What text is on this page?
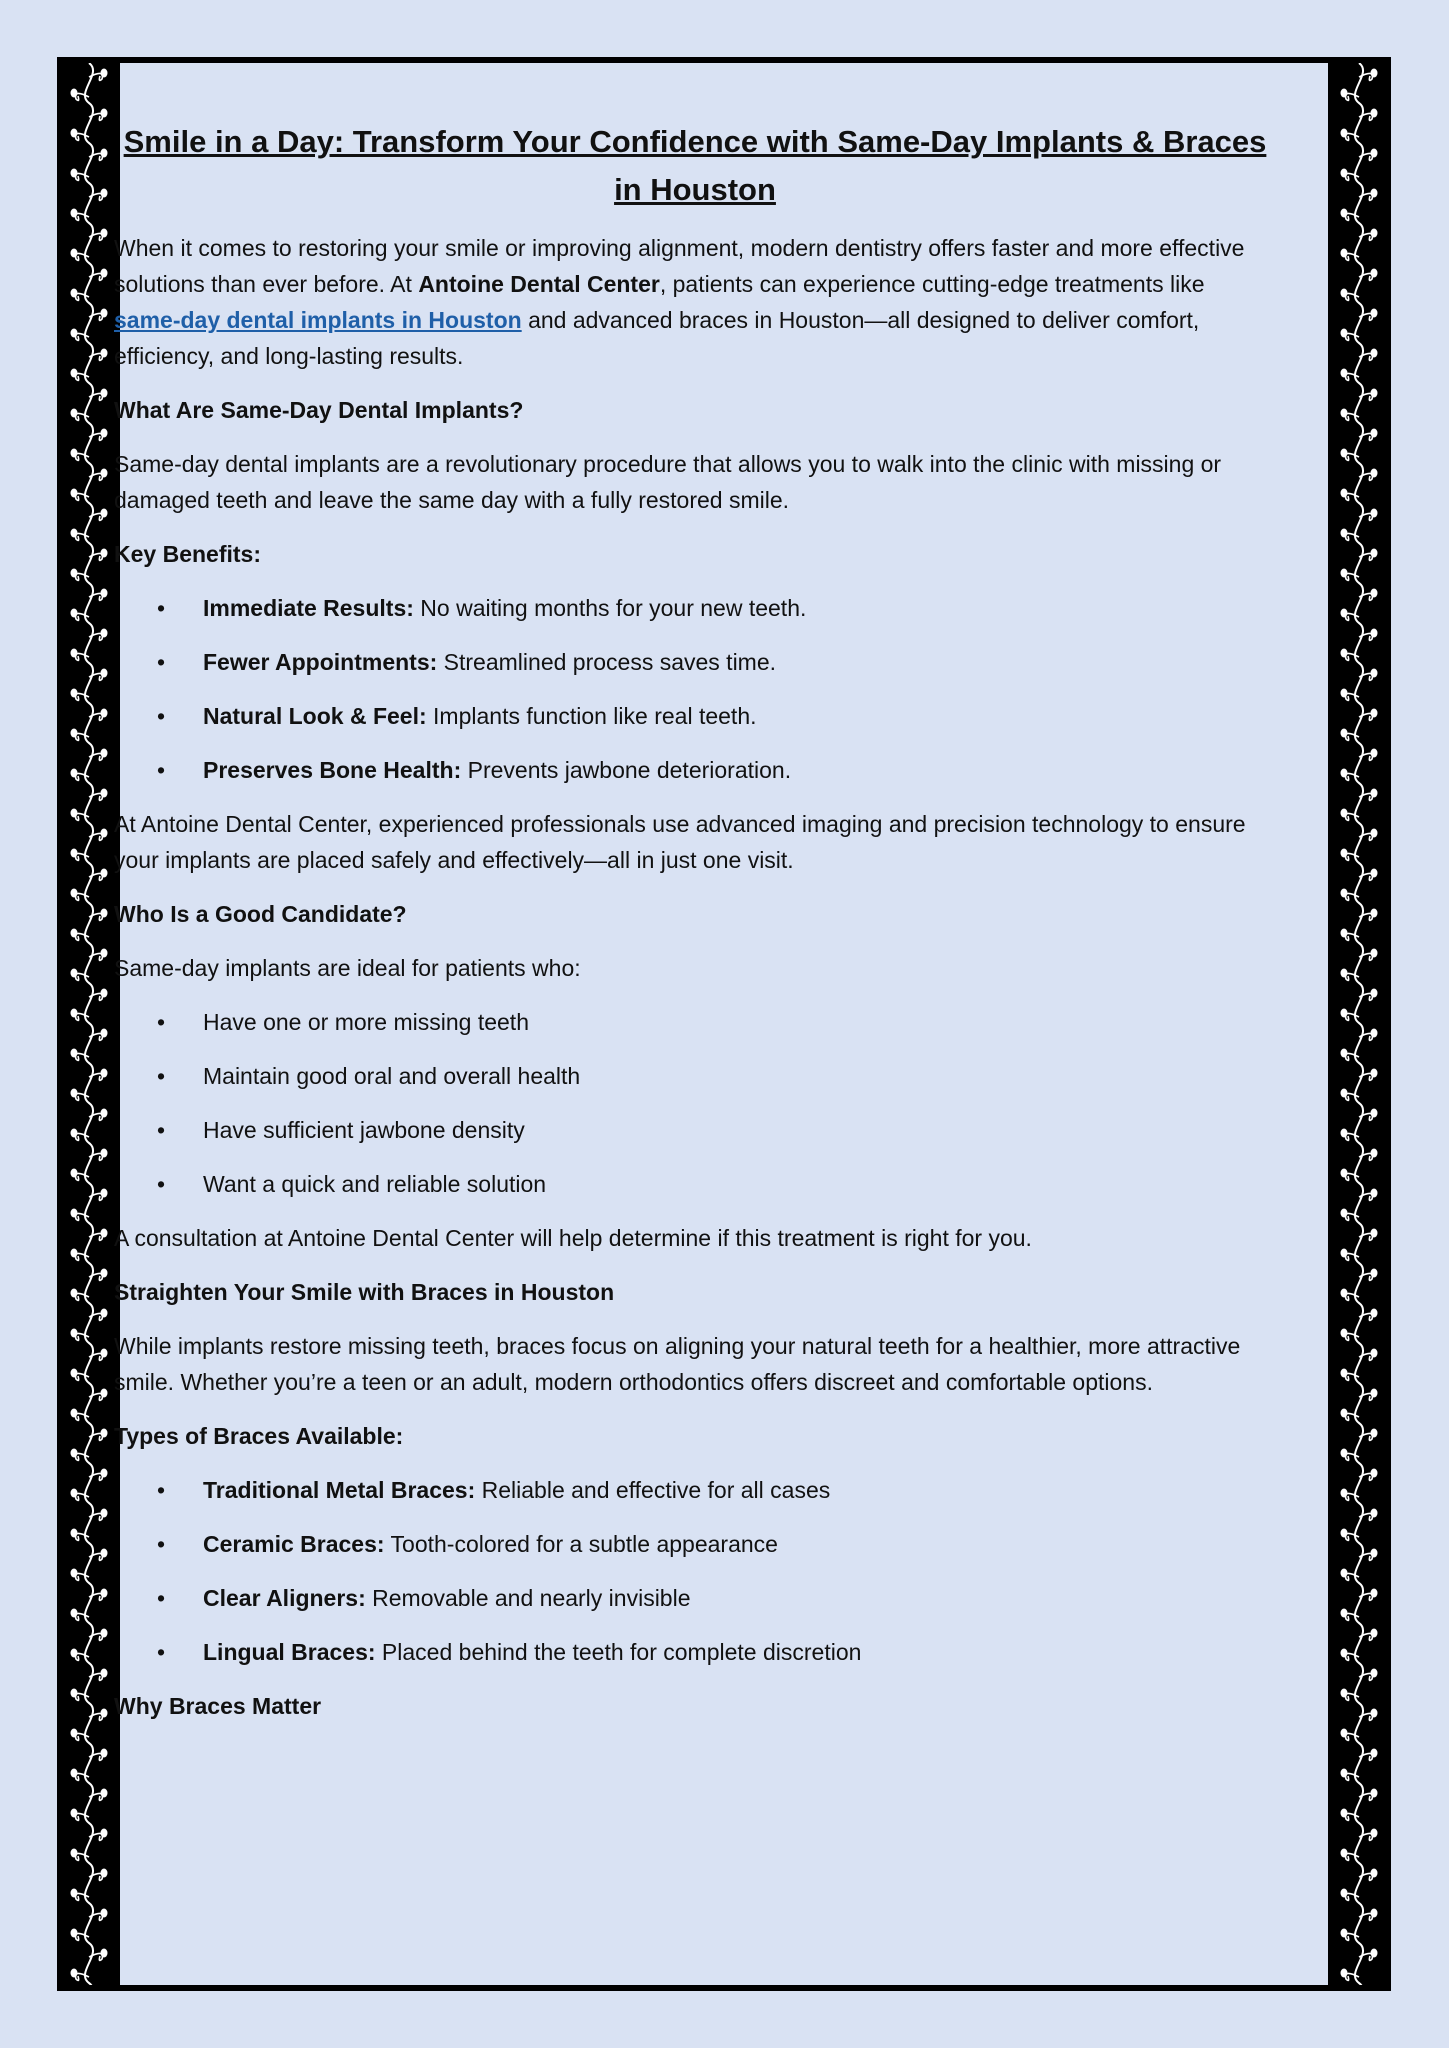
Smile in a Day: Transform Your Confidence with Same-Day Implants & Braces in Houston

When it comes to restoring your smile or improving alignment, modern dentistry offers faster and more effective solutions than ever before. At Antoine Dental Center, patients can experience cutting-edge treatments like same-day dental implants in Houston and advanced braces in Houston—all designed to deliver comfort, efficiency, and long-lasting results.

What Are Same-Day Dental Implants?

Same-day dental implants are a revolutionary procedure that allows you to walk into the clinic with missing or damaged teeth and leave the same day with a fully restored smile.

Key Benefits:
• Immediate Results: No waiting months for your new teeth.
• Fewer Appointments: Streamlined process saves time.
• Natural Look & Feel: Implants function like real teeth.
• Preserves Bone Health: Prevents jawbone deterioration.

At Antoine Dental Center, experienced professionals use advanced imaging and precision technology to ensure your implants are placed safely and effectively—all in just one visit.

Who Is a Good Candidate?

Same-day implants are ideal for patients who:

• Have one or more missing teeth
• Maintain good oral and overall health
• Have sufficient jawbone density
• Want a quick and reliable solution

A consultation at Antoine Dental Center will help determine if this treatment is right for you.

Straighten Your Smile with Braces in Houston

While implants restore missing teeth, braces focus on aligning your natural teeth for a healthier, more attractive smile. Whether you’re a teen or an adult, modern orthodontics offers discreet and comfortable options.

Types of Braces Available:
• Traditional Metal Braces: Reliable and effective for all cases
• Ceramic Braces: Tooth-colored for a subtle appearance
• Clear Aligners: Removable and nearly invisible
• Lingual Braces: Placed behind the teeth for complete discretion
Why Braces Matter
